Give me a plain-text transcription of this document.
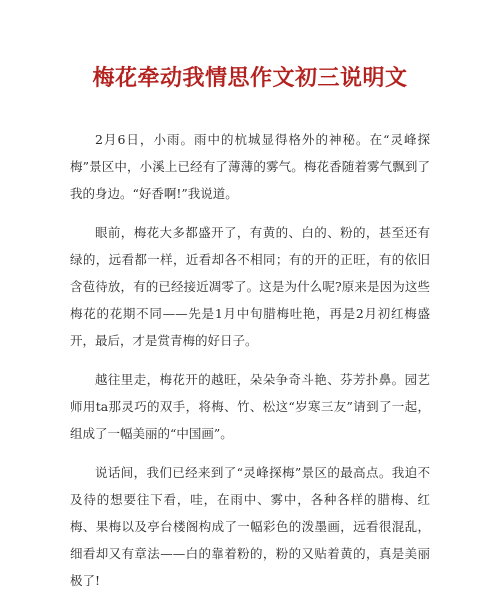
梅花牵动我情思作文初三说明文

2月6日，小雨。雨中的杭城显得格外的神秘。在“灵峰探梅”景区中，小溪上已经有了薄薄的雾气。梅花香随着雾气飘到了我的身边。“好香啊!”我说道。

眼前，梅花大多都盛开了，有黄的、白的、粉的，甚至还有绿的，远看都一样，近看却各不相同；有的开的正旺，有的依旧含苞待放，有的已经接近凋零了。这是为什么呢?原来是因为这些梅花的花期不同——先是1月中旬腊梅吐艳，再是2月初红梅盛开，最后，才是赏青梅的好日子。

越往里走，梅花开的越旺，朵朵争奇斗艳、芬芳扑鼻。园艺师用ta那灵巧的双手，将梅、竹、松这“岁寒三友”请到了一起，组成了一幅美丽的“中国画”。

说话间，我们已经来到了“灵峰探梅”景区的最高点。我迫不及待的想要往下看，哇，在雨中、雾中，各种各样的腊梅、红梅、果梅以及亭台楼阁构成了一幅彩色的泼墨画，远看很混乱，细看却又有章法——白的靠着粉的，粉的又贴着黄的，真是美丽极了!
